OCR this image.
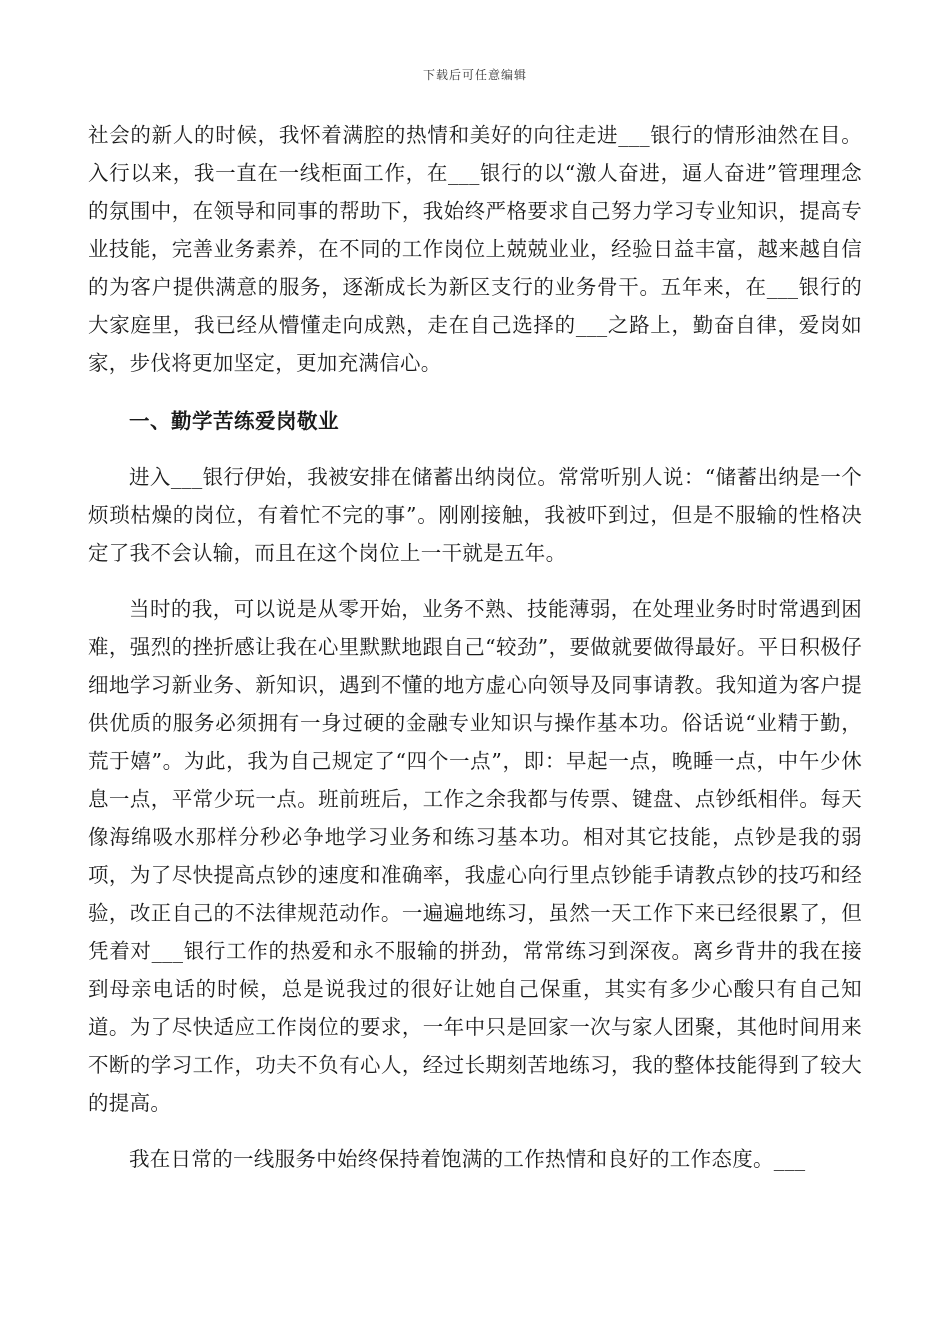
下载后可任意编辑

社会的新人的时候，我怀着满腔的热情和美好的向往走进___银行的情形油然在目。入行以来，我一直在一线柜面工作，在___银行的以“激人奋进，逼人奋进”管理理念的氛围中，在领导和同事的帮助下，我始终严格要求自己努力学习专业知识，提高专业技能，完善业务素养，在不同的工作岗位上兢兢业业，经验日益丰富，越来越自信的为客户提供满意的服务，逐渐成长为新区支行的业务骨干。五年来，在___银行的大家庭里，我已经从懵懂走向成熟，走在自己选择的___之路上，勤奋自律，爱岗如家，步伐将更加坚定，更加充满信心。

一、勤学苦练爱岗敬业

进入___银行伊始，我被安排在储蓄出纳岗位。常常听别人说：“储蓄出纳是一个烦琐枯燥的岗位，有着忙不完的事”。刚刚接触，我被吓到过，但是不服输的性格决定了我不会认输，而且在这个岗位上一干就是五年。

当时的我，可以说是从零开始，业务不熟、技能薄弱，在处理业务时时常遇到困难，强烈的挫折感让我在心里默默地跟自己“较劲”，要做就要做得最好。平日积极仔细地学习新业务、新知识，遇到不懂的地方虚心向领导及同事请教。我知道为客户提供优质的服务必须拥有一身过硬的金融专业知识与操作基本功。俗话说“业精于勤，荒于嬉”。为此，我为自己规定了“四个一点”，即：早起一点，晚睡一点，中午少休息一点，平常少玩一点。班前班后，工作之余我都与传票、键盘、点钞纸相伴。每天像海绵吸水那样分秒必争地学习业务和练习基本功。相对其它技能，点钞是我的弱项，为了尽快提高点钞的速度和准确率，我虚心向行里点钞能手请教点钞的技巧和经验，改正自己的不法律规范动作。一遍遍地练习，虽然一天工作下来已经很累了，但凭着对___银行工作的热爱和永不服输的拼劲，常常练习到深夜。离乡背井的我在接到母亲电话的时候，总是说我过的很好让她自己保重，其实有多少心酸只有自己知道。为了尽快适应工作岗位的要求，一年中只是回家一次与家人团聚，其他时间用来不断的学习工作，功夫不负有心人，经过长期刻苦地练习，我的整体技能得到了较大的提高。

我在日常的一线服务中始终保持着饱满的工作热情和良好的工作态度。___
